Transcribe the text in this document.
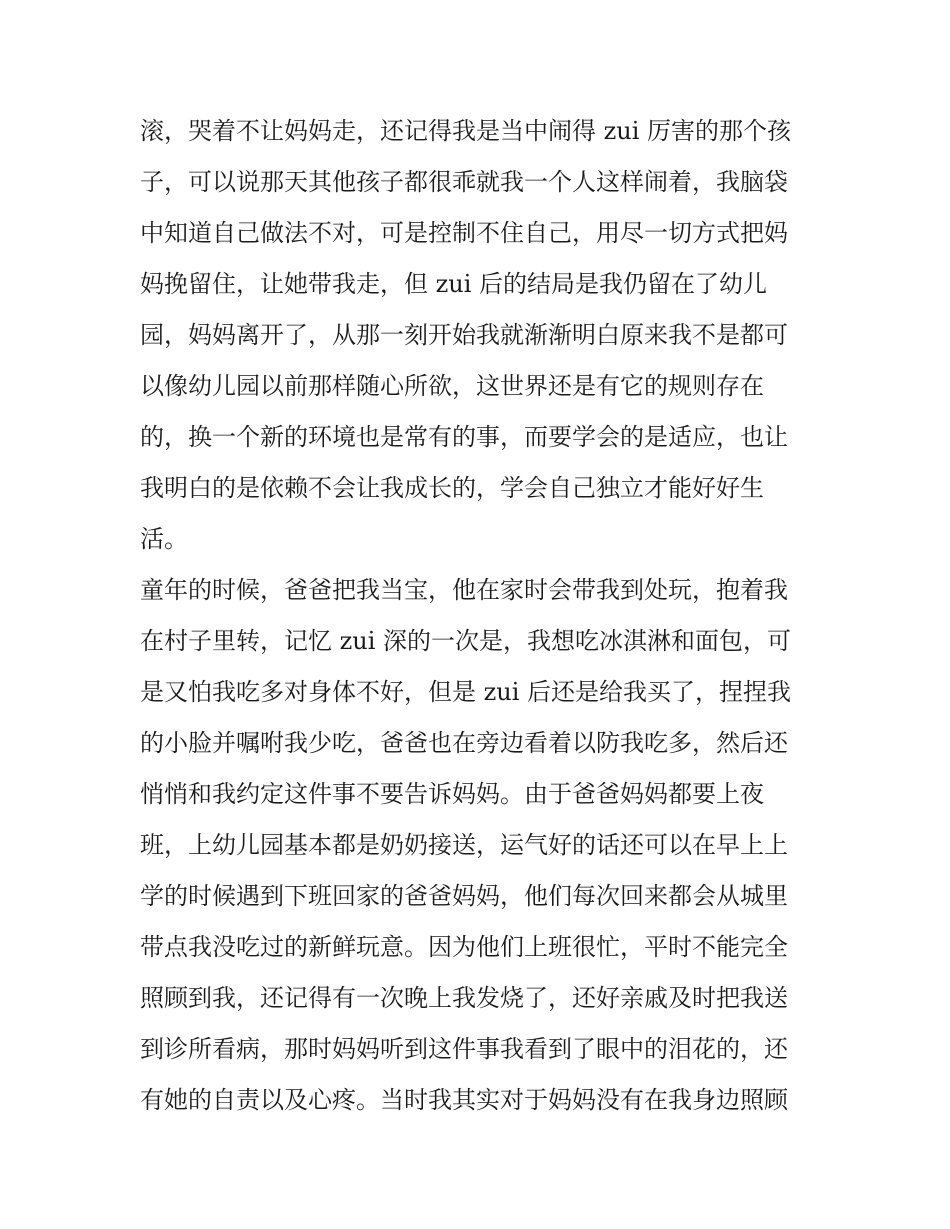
滚，哭着不让妈妈走，还记得我是当中闹得 zui 厉害的那个孩
子，可以说那天其他孩子都很乖就我一个人这样闹着，我脑袋
中知道自己做法不对，可是控制不住自己，用尽一切方式把妈
妈挽留住，让她带我走，但 zui 后的结局是我仍留在了幼儿
园，妈妈离开了，从那一刻开始我就渐渐明白原来我不是都可
以像幼儿园以前那样随心所欲，这世界还是有它的规则存在
的，换一个新的环境也是常有的事，而要学会的是适应，也让
我明白的是依赖不会让我成长的，学会自己独立才能好好生
活。
童年的时候，爸爸把我当宝，他在家时会带我到处玩，抱着我
在村子里转，记忆 zui 深的一次是，我想吃冰淇淋和面包，可
是又怕我吃多对身体不好，但是 zui 后还是给我买了，捏捏我
的小脸并嘱咐我少吃，爸爸也在旁边看着以防我吃多，然后还
悄悄和我约定这件事不要告诉妈妈。由于爸爸妈妈都要上夜
班，上幼儿园基本都是奶奶接送，运气好的话还可以在早上上
学的时候遇到下班回家的爸爸妈妈，他们每次回来都会从城里
带点我没吃过的新鲜玩意。因为他们上班很忙，平时不能完全
照顾到我，还记得有一次晚上我发烧了，还好亲戚及时把我送
到诊所看病，那时妈妈听到这件事我看到了眼中的泪花的，还
有她的自责以及心疼。当时我其实对于妈妈没有在我身边照顾
